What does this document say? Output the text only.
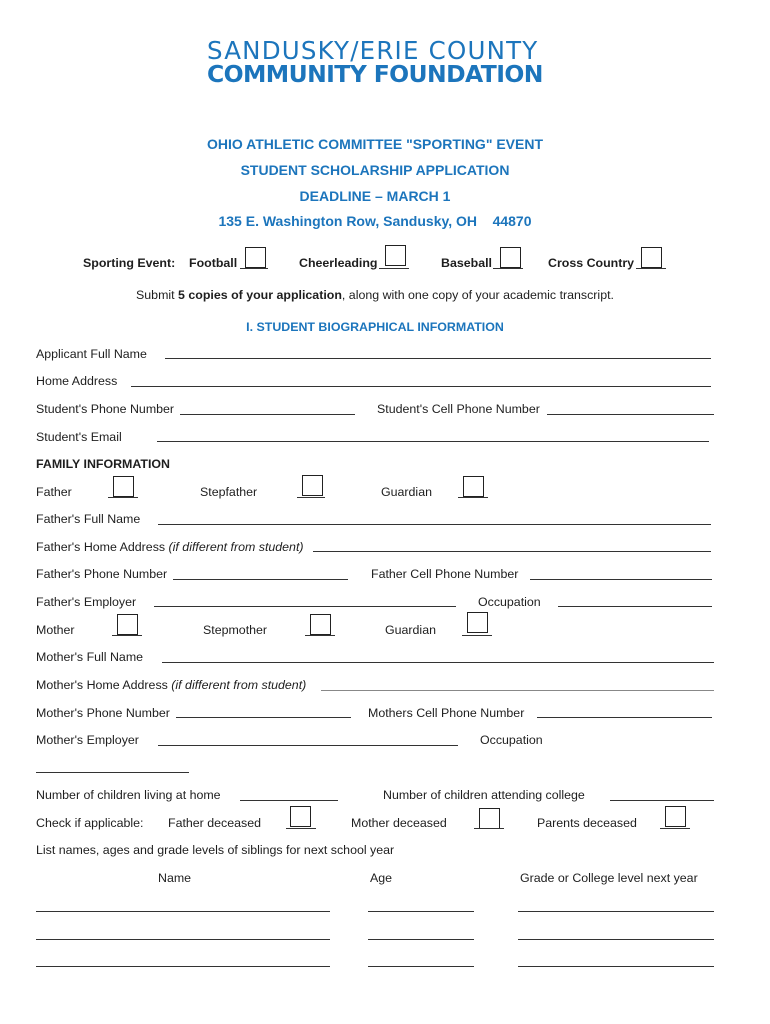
SANDUSKY/ERIE COUNTY
COMMUNITY FOUNDATION
OHIO ATHLETIC COMMITTEE "SPORTING" EVENT
STUDENT SCHOLARSHIP APPLICATION
DEADLINE – MARCH 1
135 E. Washington Row, Sandusky, OH    44870
Sporting Event: Football	Cheerleading	Baseball	Cross Country
Submit 5 copies of your application, along with one copy of your academic transcript.
I. STUDENT BIOGRAPHICAL INFORMATION
Applicant Full Name
Home Address
Student's Phone Number	Student's Cell Phone Number
Student's Email
FAMILY INFORMATION
Father	Stepfather	Guardian
Father's Full Name
Father's Home Address (if different from student)
Father's Phone Number	Father Cell Phone Number
Father's Employer	Occupation
Mother	Stepmother	Guardian
Mother's Full Name
Mother's Home Address (if different from student)
Mother's Phone Number	Mothers Cell Phone Number
Mother's Employer	Occupation
Number of children living at home	Number of children attending college
Check if applicable: Father deceased	Mother deceased	Parents deceased
List names, ages and grade levels of siblings for next school year
Name	Age	Grade or College level next year
